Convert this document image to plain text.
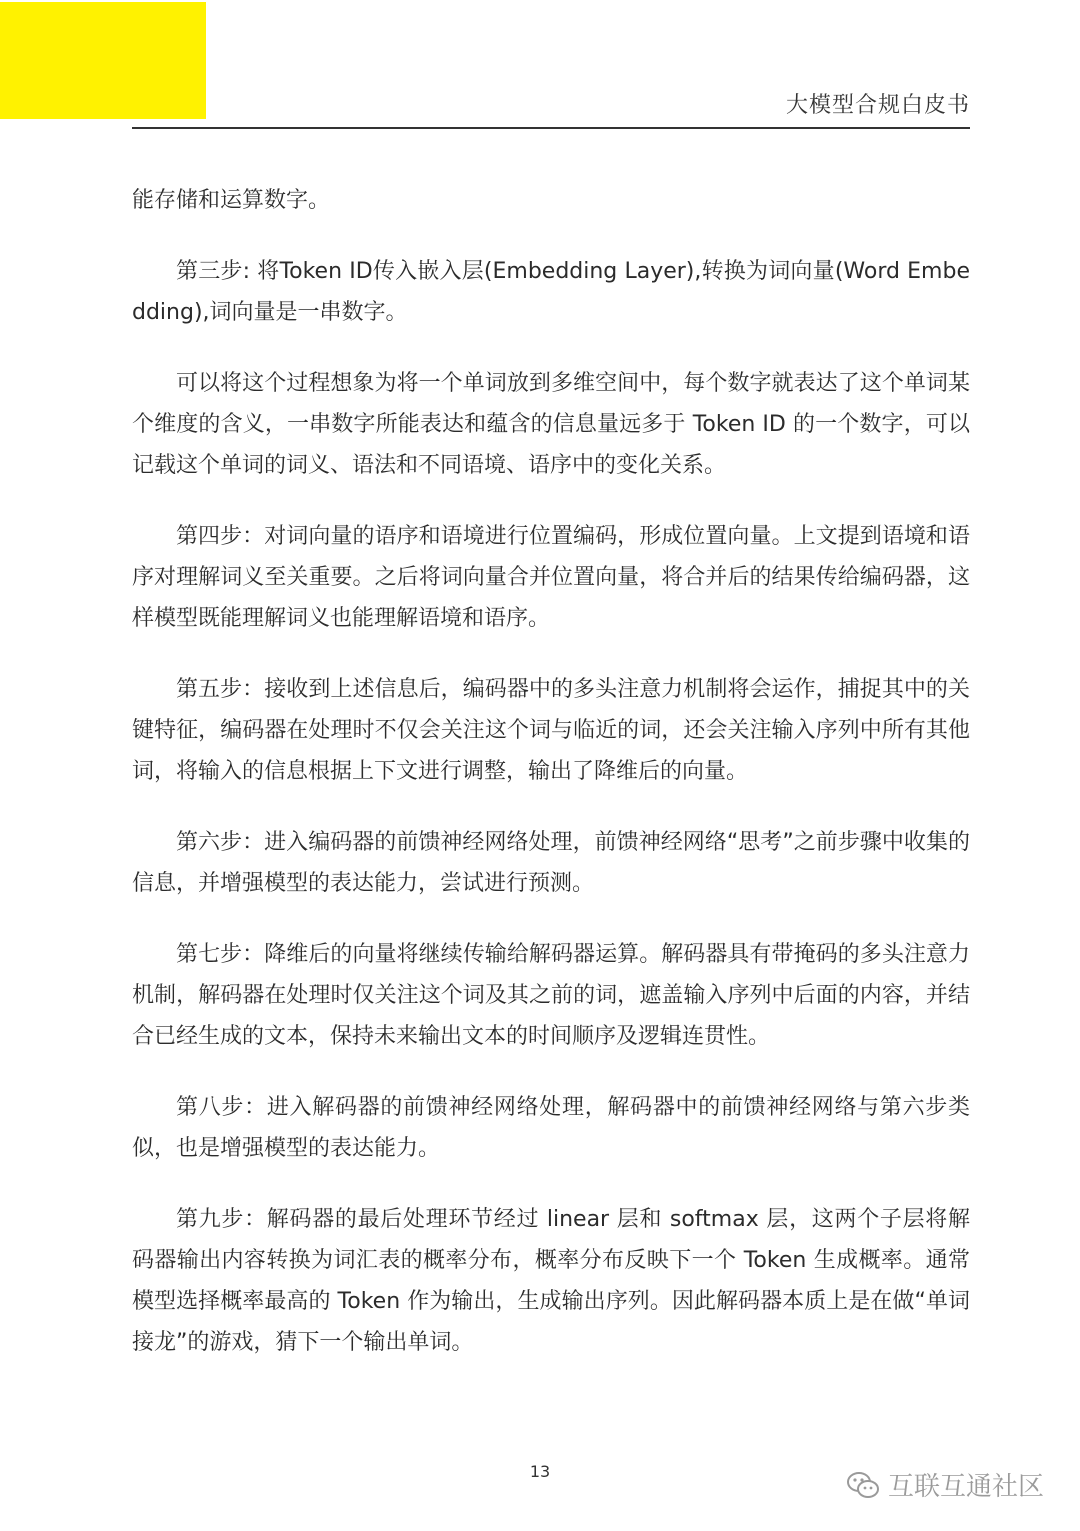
大模型合规白皮书

能存储和运算数字。

第三步: 将Token ID传入嵌入层(Embedding Layer),转换为词向量(Word Embedding),词向量是一串数字。

可以将这个过程想象为将一个单词放到多维空间中，每个数字就表达了这个单词某个维度的含义，一串数字所能表达和蕴含的信息量远多于 Token ID 的一个数字，可以记载这个单词的词义、语法和不同语境、语序中的变化关系。

第四步：对词向量的语序和语境进行位置编码，形成位置向量。上文提到语境和语序对理解词义至关重要。之后将词向量合并位置向量，将合并后的结果传给编码器，这样模型既能理解词义也能理解语境和语序。

第五步：接收到上述信息后，编码器中的多头注意力机制将会运作，捕捉其中的关键特征，编码器在处理时不仅会关注这个词与临近的词，还会关注输入序列中所有其他词，将输入的信息根据上下文进行调整，输出了降维后的向量。

第六步：进入编码器的前馈神经网络处理，前馈神经网络“思考”之前步骤中收集的信息，并增强模型的表达能力，尝试进行预测。

第七步：降维后的向量将继续传输给解码器运算。解码器具有带掩码的多头注意力机制，解码器在处理时仅关注这个词及其之前的词，遮盖输入序列中后面的内容，并结合已经生成的文本，保持未来输出文本的时间顺序及逻辑连贯性。

第八步：进入解码器的前馈神经网络处理，解码器中的前馈神经网络与第六步类似，也是增强模型的表达能力。

第九步：解码器的最后处理环节经过 linear 层和 softmax 层，这两个子层将解码器输出内容转换为词汇表的概率分布，概率分布反映下一个 Token 生成概率。通常模型选择概率最高的 Token 作为输出，生成输出序列。因此解码器本质上是在做“单词接龙”的游戏，猜下一个输出单词。

13
互联互通社区
